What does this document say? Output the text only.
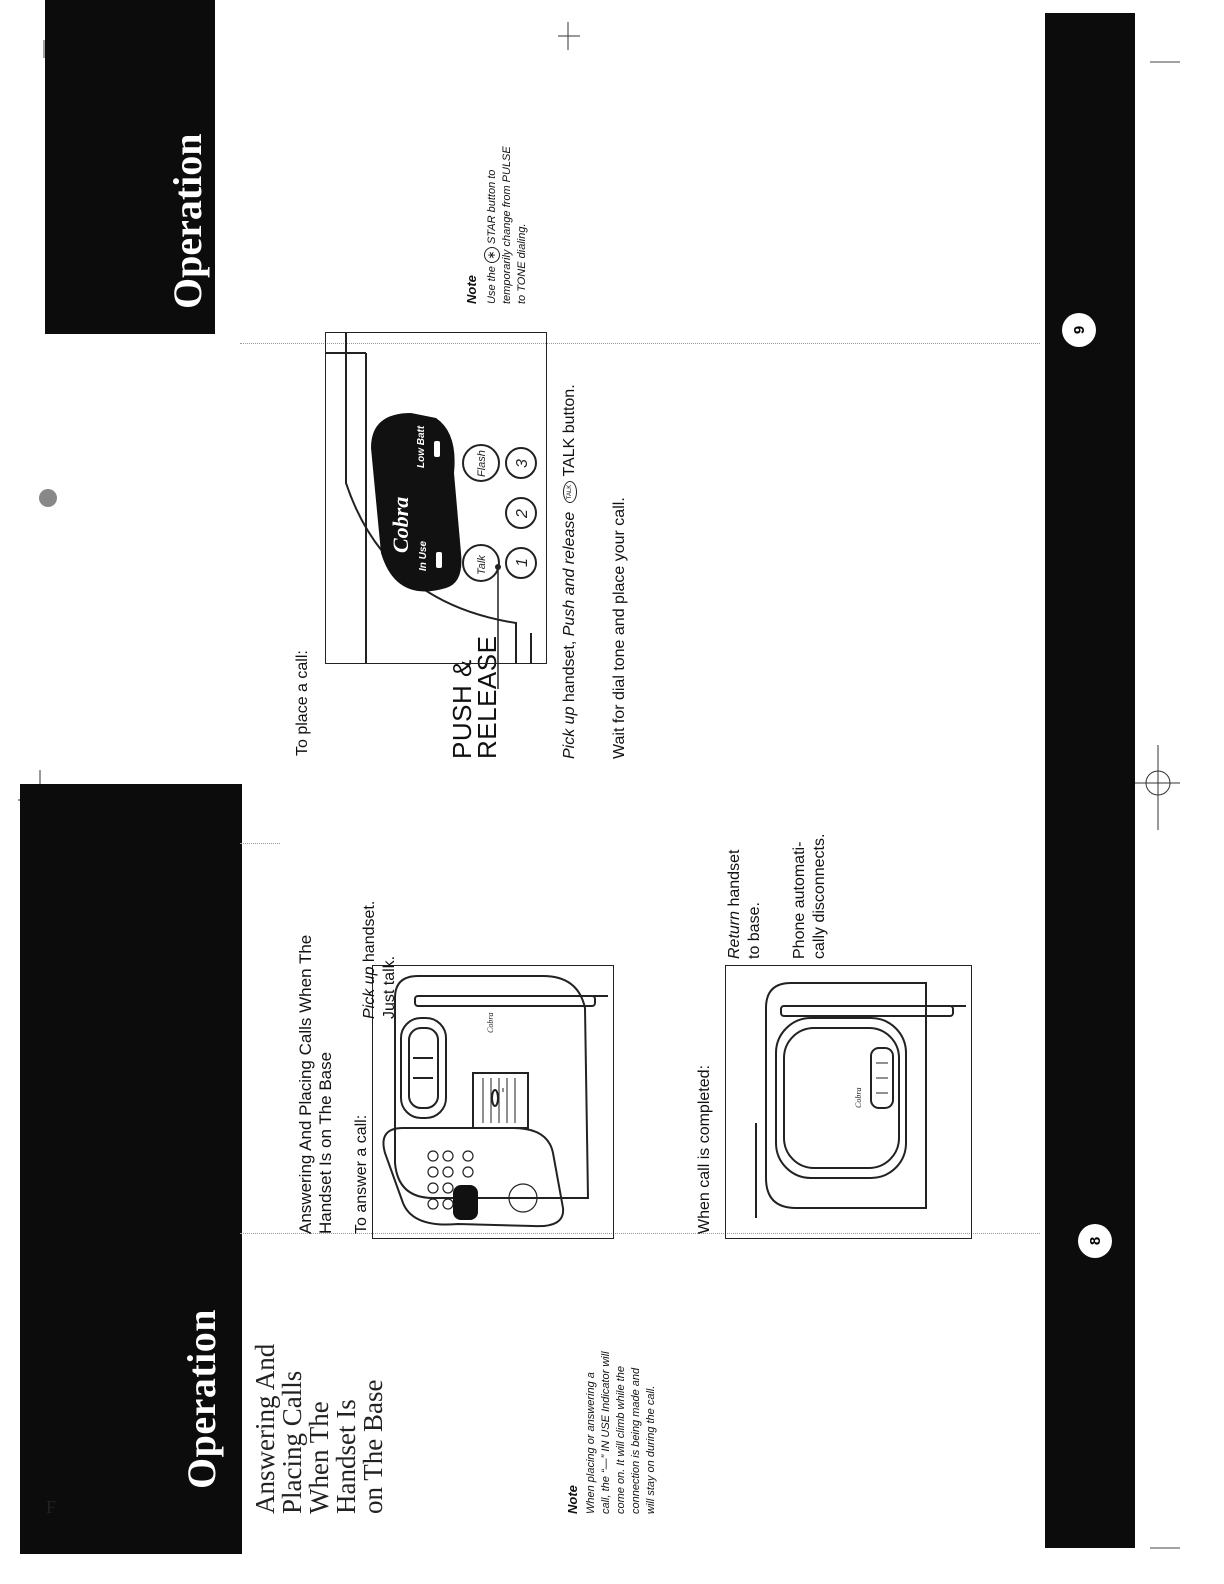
Operation
Operation
8
9
Answering And
Placing Calls
When The
Handset Is
on The Base	Note When placing or answering a call, the “—” IN USE Indicator will come on. It will climb while the connection is being made and will stay on during the call.
Answering And Placing Calls When The Handset Is on The Base To answer a call:
Cobra
Pick up handset.
Just talk.
When call is completed:	Cobra
Return handset
to base. Phone automati- cally disconnects.
To place a call:	PUSH &
RELEASE
Cobra
In Use
Low Batt
Talk
Flash
1
2
3
Pick up handset, Push and release TALK TALK button.
Wait for dial tone and place your call.
Note Use the ∗ STAR button to temporarily change from PULSE to TONE dialing.
F
